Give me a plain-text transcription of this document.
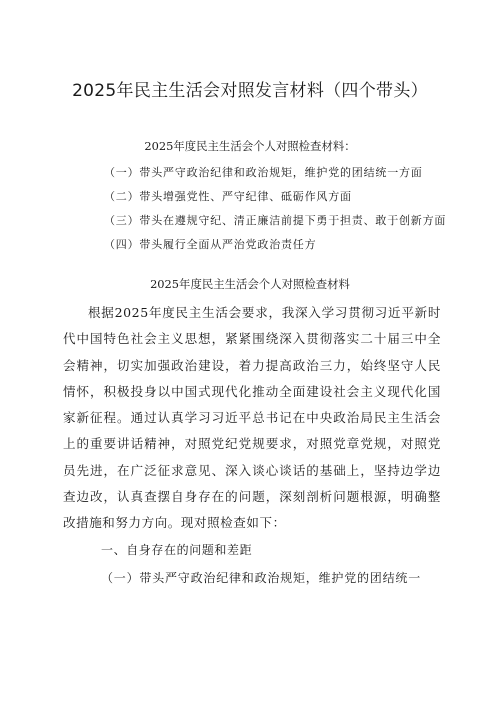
2025年民主生活会对照发言材料（四个带头）
2025年度民主生活会个人对照检查材料：
（一）带头严守政治纪律和政治规矩，维护党的团结统一方面
（二）带头增强党性、严守纪律、砥砺作风方面
（三）带头在遵规守纪、清正廉洁前提下勇于担责、敢于创新方面
（四）带头履行全面从严治党政治责任方
2025年度民主生活会个人对照检查材料
根据2025年度民主生活会要求，我深入学习贯彻习近平新时代中国特色社会主义思想，紧紧围绕深入贯彻落实二十届三中全会精神，切实加强政治建设，着力提高政治三力，始终坚守人民情怀，积极投身以中国式现代化推动全面建设社会主义现代化国家新征程。通过认真学习习近平总书记在中央政治局民主生活会上的重要讲话精神，对照党纪党规要求，对照党章党规，对照党员先进，在广泛征求意见、深入谈心谈话的基础上，坚持边学边查边改，认真查摆自身存在的问题，深刻剖析问题根源，明确整改措施和努力方向。现对照检查如下：
一、自身存在的问题和差距
（一）带头严守政治纪律和政治规矩，维护党的团结统一
